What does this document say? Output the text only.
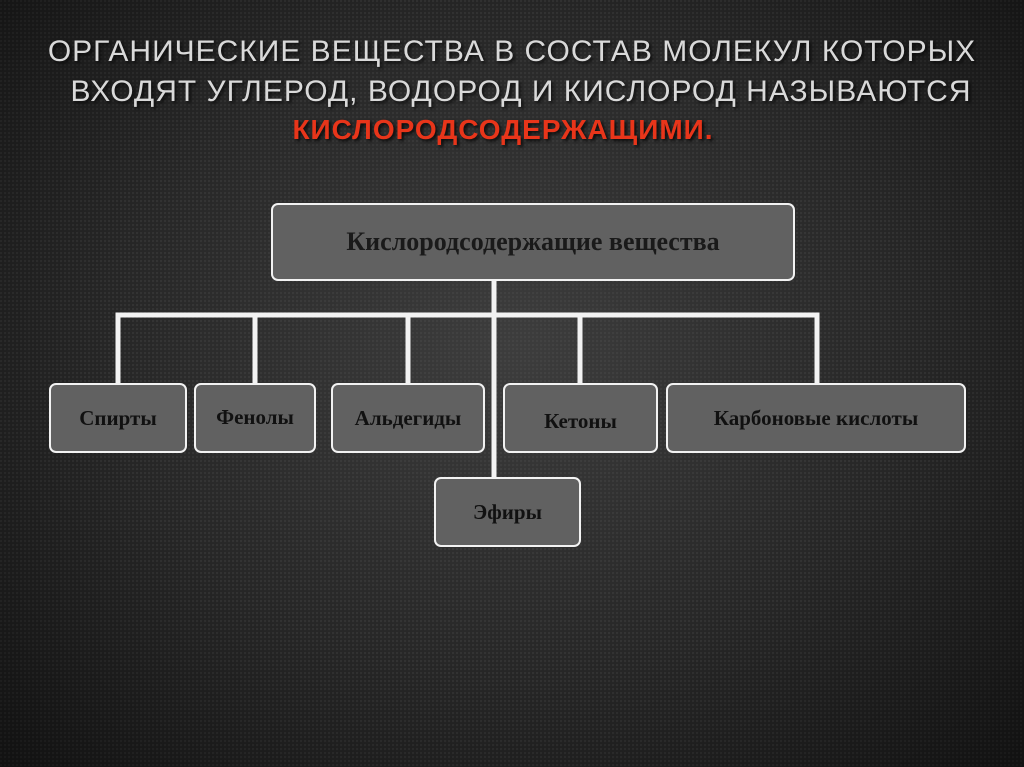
ОРГАНИЧЕСКИЕ ВЕЩЕСТВА В СОСТАВ МОЛЕКУЛ КОТОРЫХ
ВХОДЯТ УГЛЕРОД, ВОДОРОД И КИСЛОРОД НАЗЫВАЮТСЯ
КИСЛОРОДСОДЕРЖАЩИМИ.
Кислородсодержащие вещества
Спирты	Фенолы	Альдегиды	Кетоны	Карбоновые кислоты
Эфиры
